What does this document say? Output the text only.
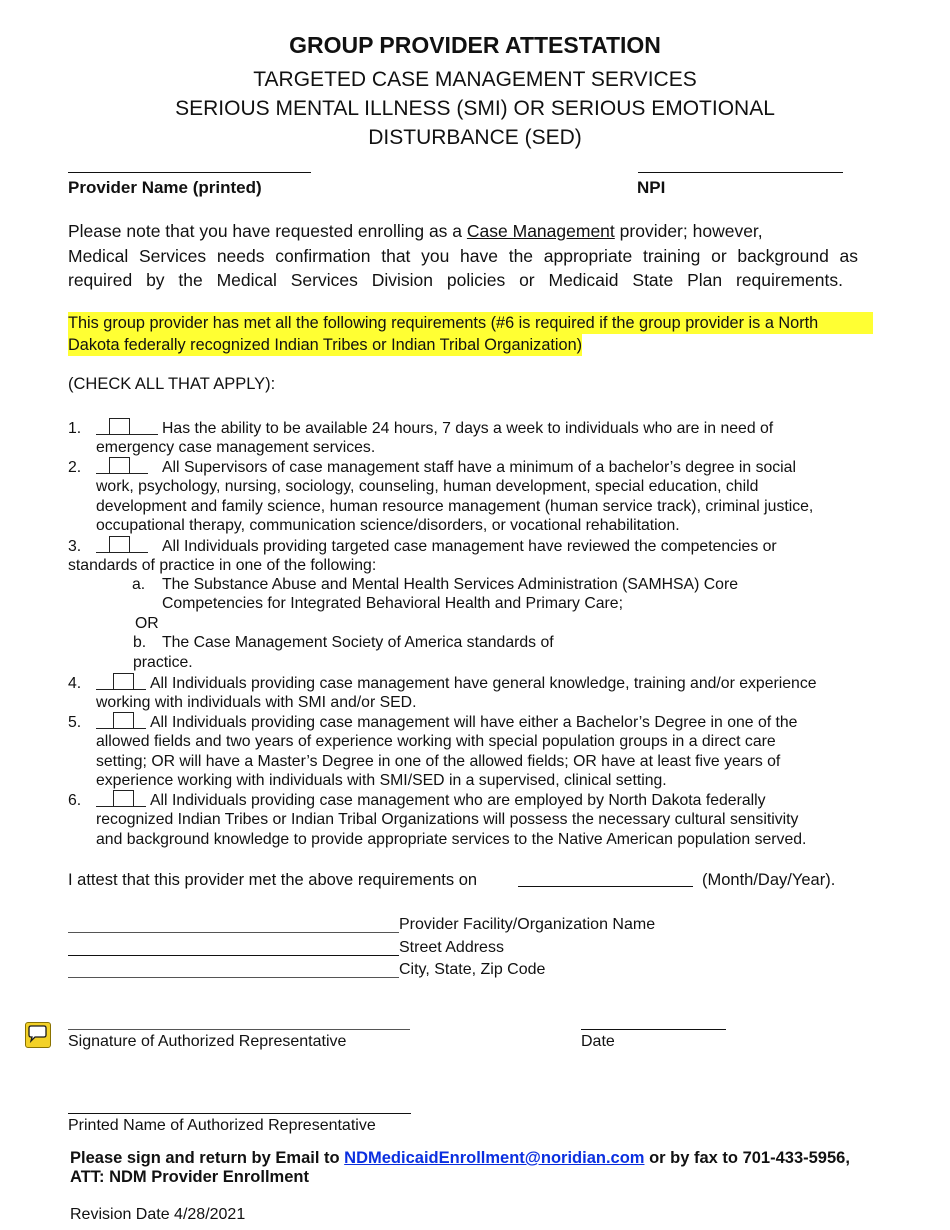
GROUP PROVIDER ATTESTATION
TARGETED CASE MANAGEMENT SERVICES
SERIOUS MENTAL ILLNESS (SMI) OR SERIOUS EMOTIONAL
DISTURBANCE (SED)
Provider Name (printed)	NPI
Please note that you have requested enrolling as a Case Management provider; however,
Medical Services needs confirmation that you have the appropriate training or background as
required by the Medical Services Division policies or Medicaid State Plan requirements.
This group provider has met all the following requirements (#6 is required if the group provider is a North
Dakota federally recognized Indian Tribes or Indian Tribal Organization)
(CHECK ALL THAT APPLY):
1.	Has the ability to be available 24 hours, 7 days a week to individuals who are in need of
emergency case management services.
2.	All Supervisors of case management staff have a minimum of a bachelor’s degree in social
work, psychology, nursing, sociology, counseling, human development, special education, child
development and family science, human resource management (human service track), criminal justice,
occupational therapy, communication science/disorders, or vocational rehabilitation.
3.	All Individuals providing targeted case management have reviewed the competencies or
standards of practice in one of the following:
a. The Substance Abuse and Mental Health Services Administration (SAMHSA) Core
Competencies for Integrated Behavioral Health and Primary Care;
OR
b. The Case Management Society of America standards of
practice.
4.	All Individuals providing case management have general knowledge, training and/or experience
working with individuals with SMI and/or SED.
5.	All Individuals providing case management will have either a Bachelor’s Degree in one of the
allowed fields and two years of experience working with special population groups in a direct care
setting; OR will have a Master’s Degree in one of the allowed fields; OR have at least five years of
experience working with individuals with SMI/SED in a supervised, clinical setting.
6.	All Individuals providing case management who are employed by North Dakota federally
recognized Indian Tribes or Indian Tribal Organizations will possess the necessary cultural sensitivity
and background knowledge to provide appropriate services to the Native American population served.
I attest that this provider met the above requirements on	(Month/Day/Year).
Provider Facility/Organization Name
Street Address
City, State, Zip Code
Signature of Authorized Representative	Date
Printed Name of Authorized Representative
Please sign and return by Email to NDMedicaidEnrollment@noridian.com or by fax to 701-433-5956,
ATT: NDM Provider Enrollment
Revision Date 4/28/2021
